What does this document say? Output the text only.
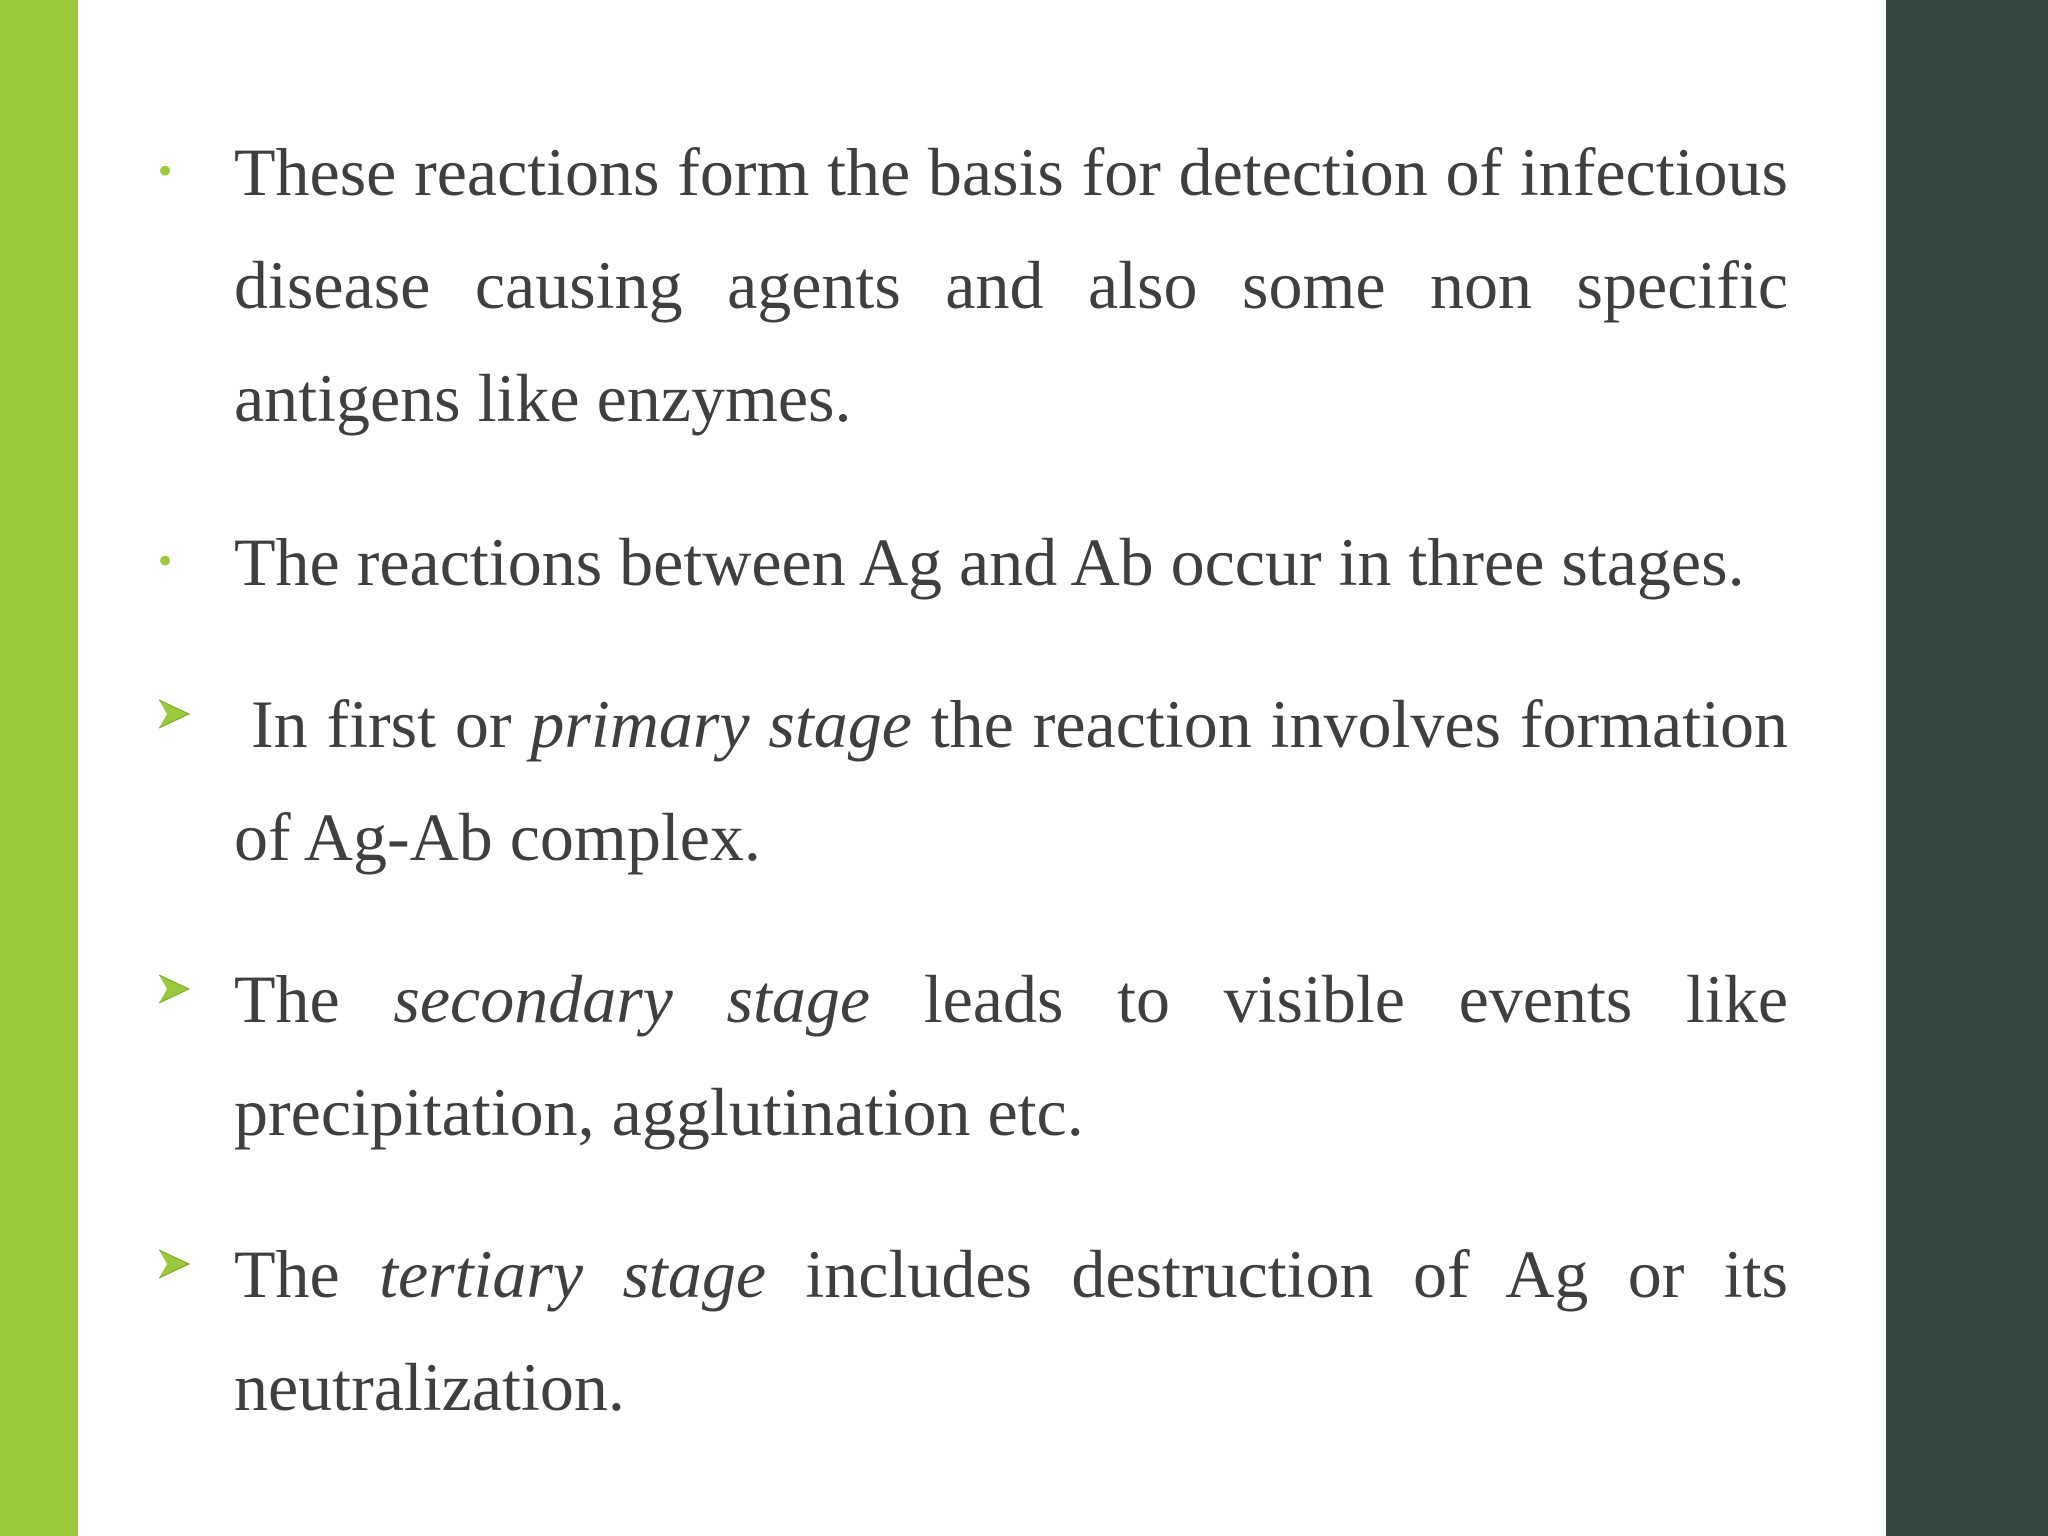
• These reactions form the basis for detection of infectious disease causing agents and also some non specific antigens like enzymes.

• The reactions between Ag and Ab occur in three stages.

In first or primary stage the reaction involves formation of Ag-Ab complex.

The secondary stage leads to visible events like precipitation, agglutination etc.

The tertiary stage includes destruction of Ag or its neutralization.
